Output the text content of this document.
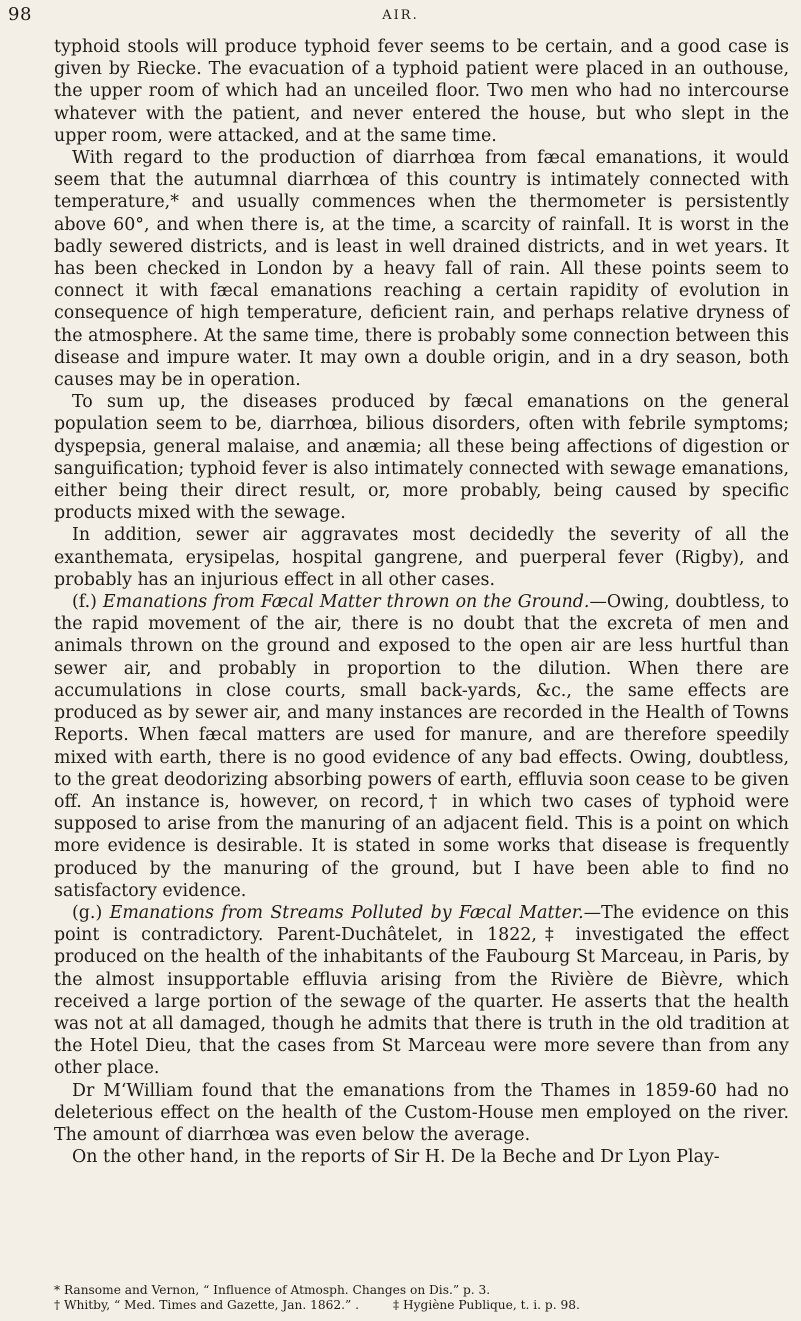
98	AIR.

typhoid stools will produce typhoid fever seems to be certain, and a good case is given by Riecke. The evacuation of a typhoid patient were placed in an outhouse, the upper room of which had an unceiled floor. Two men who had no intercourse whatever with the patient, and never entered the house, but who slept in the upper room, were attacked, and at the same time.

With regard to the production of diarrhœa from fæcal emanations, it would seem that the autumnal diarrhœa of this country is intimately connected with temperature,* and usually commences when the thermometer is persistently above 60°, and when there is, at the time, a scarcity of rainfall. It is worst in the badly sewered districts, and is least in well drained districts, and in wet years. It has been checked in London by a heavy fall of rain. All these points seem to connect it with fæcal emanations reaching a certain rapidity of evolution in consequence of high temperature, deficient rain, and perhaps relative dryness of the atmosphere. At the same time, there is probably some connection between this disease and impure water. It may own a double origin, and in a dry season, both causes may be in operation.

To sum up, the diseases produced by fæcal emanations on the general population seem to be, diarrhœa, bilious disorders, often with febrile symptoms; dyspepsia, general malaise, and anæmia; all these being affections of digestion or sanguification; typhoid fever is also intimately connected with sewage emanations, either being their direct result, or, more probably, being caused by specific products mixed with the sewage.

In addition, sewer air aggravates most decidedly the severity of all the exanthemata, erysipelas, hospital gangrene, and puerperal fever (Rigby), and probably has an injurious effect in all other cases.

(f.) Emanations from Fæcal Matter thrown on the Ground.—Owing, doubtless, to the rapid movement of the air, there is no doubt that the excreta of men and animals thrown on the ground and exposed to the open air are less hurtful than sewer air, and probably in proportion to the dilution. When there are accumulations in close courts, small back-yards, &c., the same effects are produced as by sewer air, and many instances are recorded in the Health of Towns Reports. When fæcal matters are used for manure, and are therefore speedily mixed with earth, there is no good evidence of any bad effects. Owing, doubtless, to the great deodorizing absorbing powers of earth, effluvia soon cease to be given off. An instance is, however, on record,† in which two cases of typhoid were supposed to arise from the manuring of an adjacent field. This is a point on which more evidence is desirable. It is stated in some works that disease is frequently produced by the manuring of the ground, but I have been able to find no satisfactory evidence.

(g.) Emanations from Streams Polluted by Fæcal Matter.—The evidence on this point is contradictory. Parent-Duchâtelet, in 1822,‡ investigated the effect produced on the health of the inhabitants of the Faubourg St Marceau, in Paris, by the almost insupportable effluvia arising from the Rivière de Bièvre, which received a large portion of the sewage of the quarter. He asserts that the health was not at all damaged, though he admits that there is truth in the old tradition at the Hotel Dieu, that the cases from St Marceau were more severe than from any other place.

Dr M‘William found that the emanations from the Thames in 1859-60 had no deleterious effect on the health of the Custom-House men employed on the river. The amount of diarrhœa was even below the average.

On the other hand, in the reports of Sir H. De la Beche and Dr Lyon Play-

* Ransome and Vernon, “ Influence of Atmosph. Changes on Dis.” p. 3.
† Whitby, “ Med. Times and Gazette, Jan. 1862.” .	‡ Hygiène Publique, t. i. p. 98.
